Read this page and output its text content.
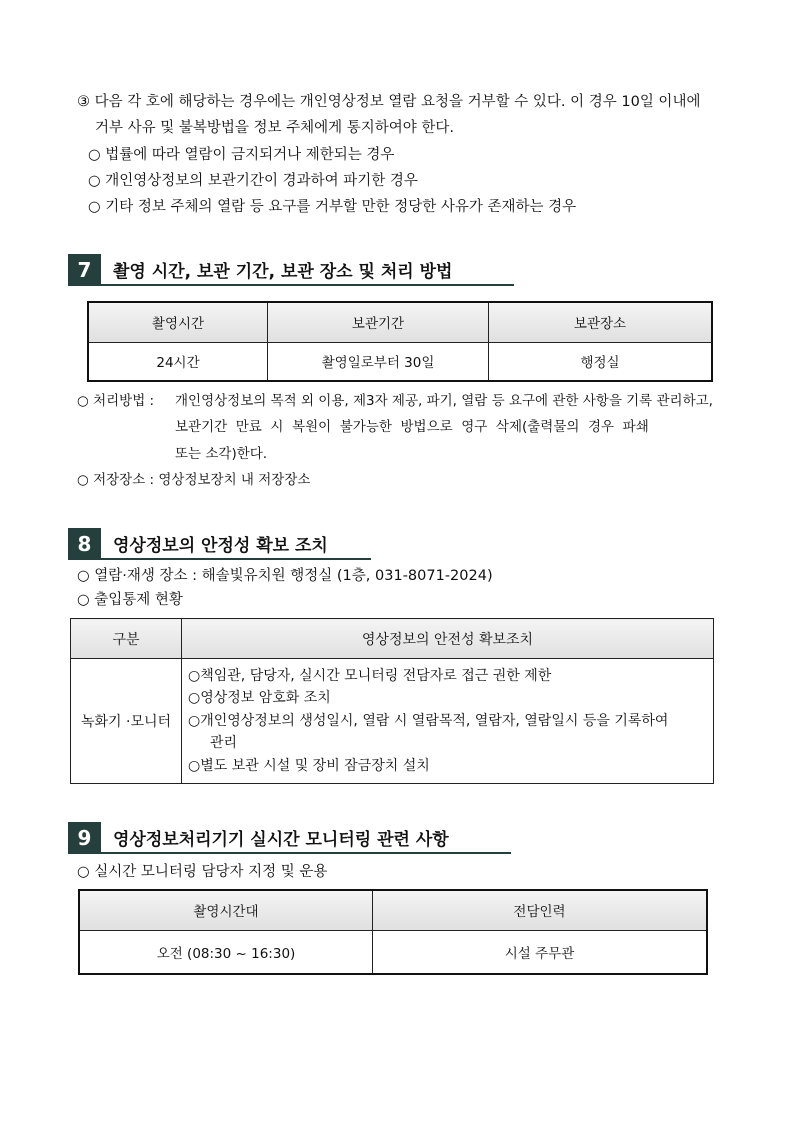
③ 다음 각 호에 해당하는 경우에는 개인영상정보 열람 요청을 거부할 수 있다. 이 경우 10일 이내에
거부 사유 및 불복방법을 정보 주체에게 통지하여야 한다.
○ 법률에 따라 열람이 금지되거나 제한되는 경우
○ 개인영상정보의 보관기간이 경과하여 파기한 경우
○ 기타 정보 주체의 열람 등 요구를 거부할 만한 정당한 사유가 존재하는 경우
7	촬영 시간, 보관 기간, 보관 장소 및 처리 방법
촬영시간	보관기간	보관장소
24시간	촬영일로부터 30일	행정실
○ 처리방법 : 개인영상정보의 목적 외 이용, 제3자 제공, 파기, 열람 등 요구에 관한 사항을 기록 관리하고,
보관기간  만료  시  복원이  불가능한  방법으로  영구  삭제(출력물의  경우  파쇄
또는 소각)한다.
○ 저장장소 : 영상정보장치 내 저장장소
8	영상정보의 안정성 확보 조치
○ 열람·재생 장소 : 해솔빛유치원 행정실 (1층, 031-8071-2024)
○ 출입통제 현황
구분	영상정보의 안전성 확보조치
녹화기 ·모니터	○책임관, 담당자, 실시간 모니터링 전담자로 접근 권한 제한
○영상정보 암호화 조치
○개인영상정보의 생성일시, 열람 시 열람목적, 열람자, 열람일시 등을 기록하여
관리
○별도 보관 시설 및 장비 잠금장치 설치
9	영상정보처리기기 실시간 모니터링 관련 사항
○ 실시간 모니터링 담당자 지정 및 운용
촬영시간대	전담인력
오전 (08:30 ~ 16:30)	시설 주무관
